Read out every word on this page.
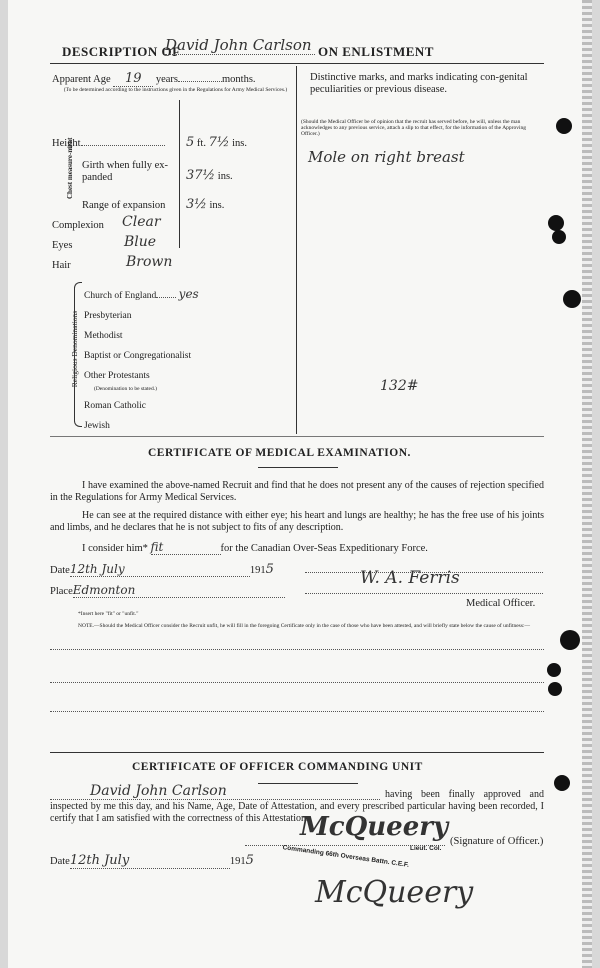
DESCRIPTION OF
David John Carlson ON ENLISTMENT
Apparent Age 19 years	months.
(To be determined according to the instructions given in the Regulations for Army Medical Services.)
Height	5 ft. 7½ ins.
Chest measure-ment Girth when fully ex-panded	37½ ins.
Range of expansion 3½ ins.
Complexion Clear
Eyes	Blue
Hair	Brown
Religious Denominations
Church of England yes
Presbyterian
Methodist
Baptist or Congregationalist
Other Protestants
(Denomination to be stated.)
Roman Catholic
Jewish
Distinctive marks, and marks indicating con-genital peculiarities or previous disease.
(Should the Medical Officer be of opinion that the recruit has served before, he will, unless the man acknowledges to any previous service, attach a slip to that effect, for the information of the Approving Officer.)
Mole on right breast
132#
CERTIFICATE OF MEDICAL EXAMINATION.
I have examined the above-named Recruit and find that he does not present any of the causes of rejection specified in the Regulations for Army Medical Services.
He can see at the required distance with either eye; his heart and lungs are healthy; he has the free use of his joints and limbs, and he declares that he is not subject to fits of any description.
I consider him* fit	for the Canadian Over-Seas Expeditionary Force.
Date12th July	1915
PlaceEdmonton
W. A. Ferris
Medical Officer.
*Insert here "fit" or "unfit."
NOTE.—Should the Medical Officer consider the Recruit unfit, he will fill in the foregoing Certificate only in the case of those who have been attested, and will briefly state below the cause of unfitness:—
CERTIFICATE OF OFFICER COMMANDING UNIT
David John Carlson	having been finally approved and inspected by me this day, and his Name, Age, Date of Attestation, and every prescribed particular having been recorded, I certify that I am satisfied with the correctness of this Attestation.
McQueery (Signature of Officer.)
Date12th July	1915	Commanding 66th Overseas Battn. C.E.F. Lieut. Col.
McQueery
